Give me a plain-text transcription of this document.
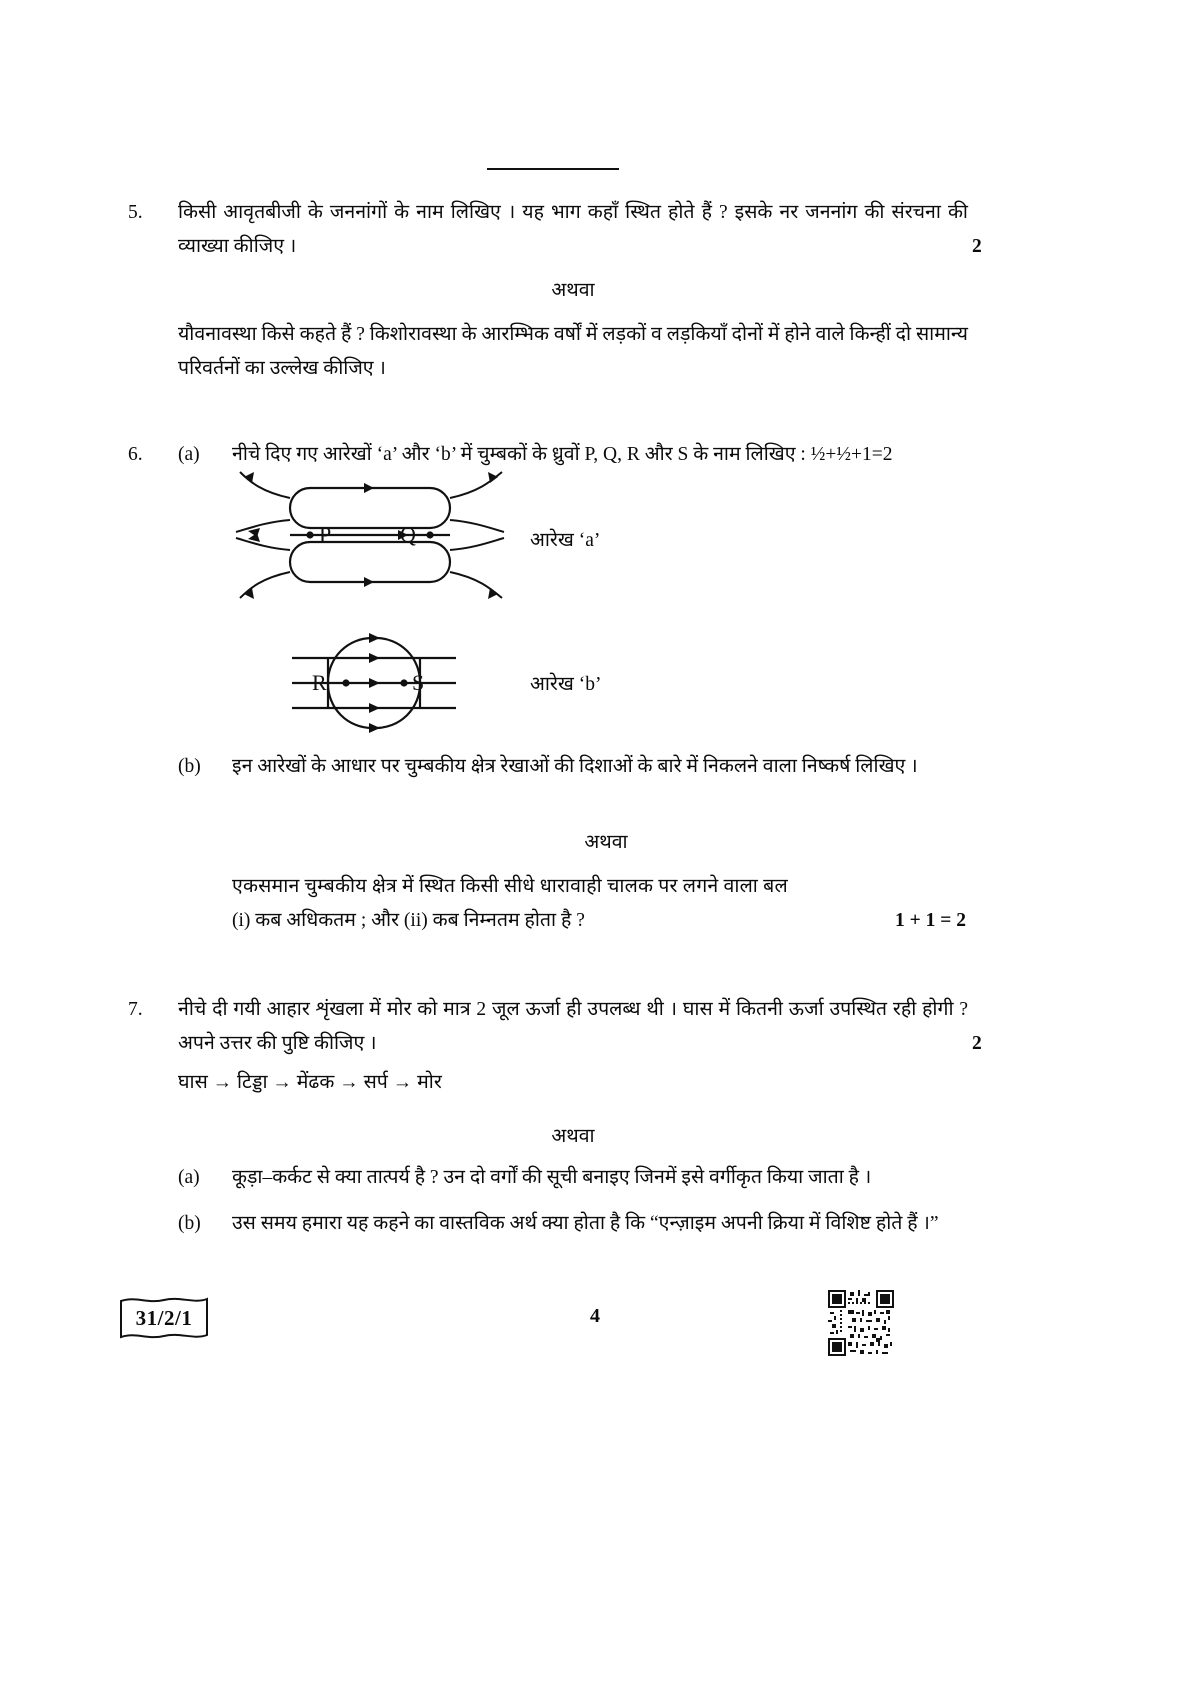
5. किसी आवृतबीजी के जननांगों के नाम लिखिए । यह भाग कहाँ स्थित होते हैं ? इसके नर जननांग की संरचना की व्याख्या कीजिए ।	2
अथवा
यौवनावस्था किसे कहते हैं ? किशोरावस्था के आरम्भिक वर्षों में लड़कों व लड़कियाँ दोनों में होने वाले किन्हीं दो सामान्य परिवर्तनों का उल्लेख कीजिए ।
6. (a) नीचे दिए गए आरेखों ‘a’ और ‘b’ में चुम्बकों के ध्रुवों P, Q, R और S के नाम लिखिए : ½+½+1=2
P	Q	आरेख ‘a’
R	S	आरेख ‘b’
(b) इन आरेखों के आधार पर चुम्बकीय क्षेत्र रेखाओं की दिशाओं के बारे में निकलने वाला निष्कर्ष लिखिए ।
अथवा
एकसमान चुम्बकीय क्षेत्र में स्थित किसी सीधे धारावाही चालक पर लगने वाला बल
(i) कब अधिकतम ; और (ii) कब निम्नतम होता है ?	1 + 1 = 2
7. नीचे दी गयी आहार शृंखला में मोर को मात्र 2 जूल ऊर्जा ही उपलब्ध थी । घास में कितनी ऊर्जा उपस्थित रही होगी ? अपने उत्तर की पुष्टि कीजिए ।	2
घास → टिड्डा → मेंढक → सर्प → मोर
अथवा
(a) कूड़ा–कर्कट से क्या तात्पर्य है ? उन दो वर्गों की सूची बनाइए जिनमें इसे वर्गीकृत किया जाता है ।
(b) उस समय हमारा यह कहने का वास्तविक अर्थ क्या होता है कि “एन्ज़ाइम अपनी क्रिया में विशिष्ट होते हैं ।”
31/2/1	4
